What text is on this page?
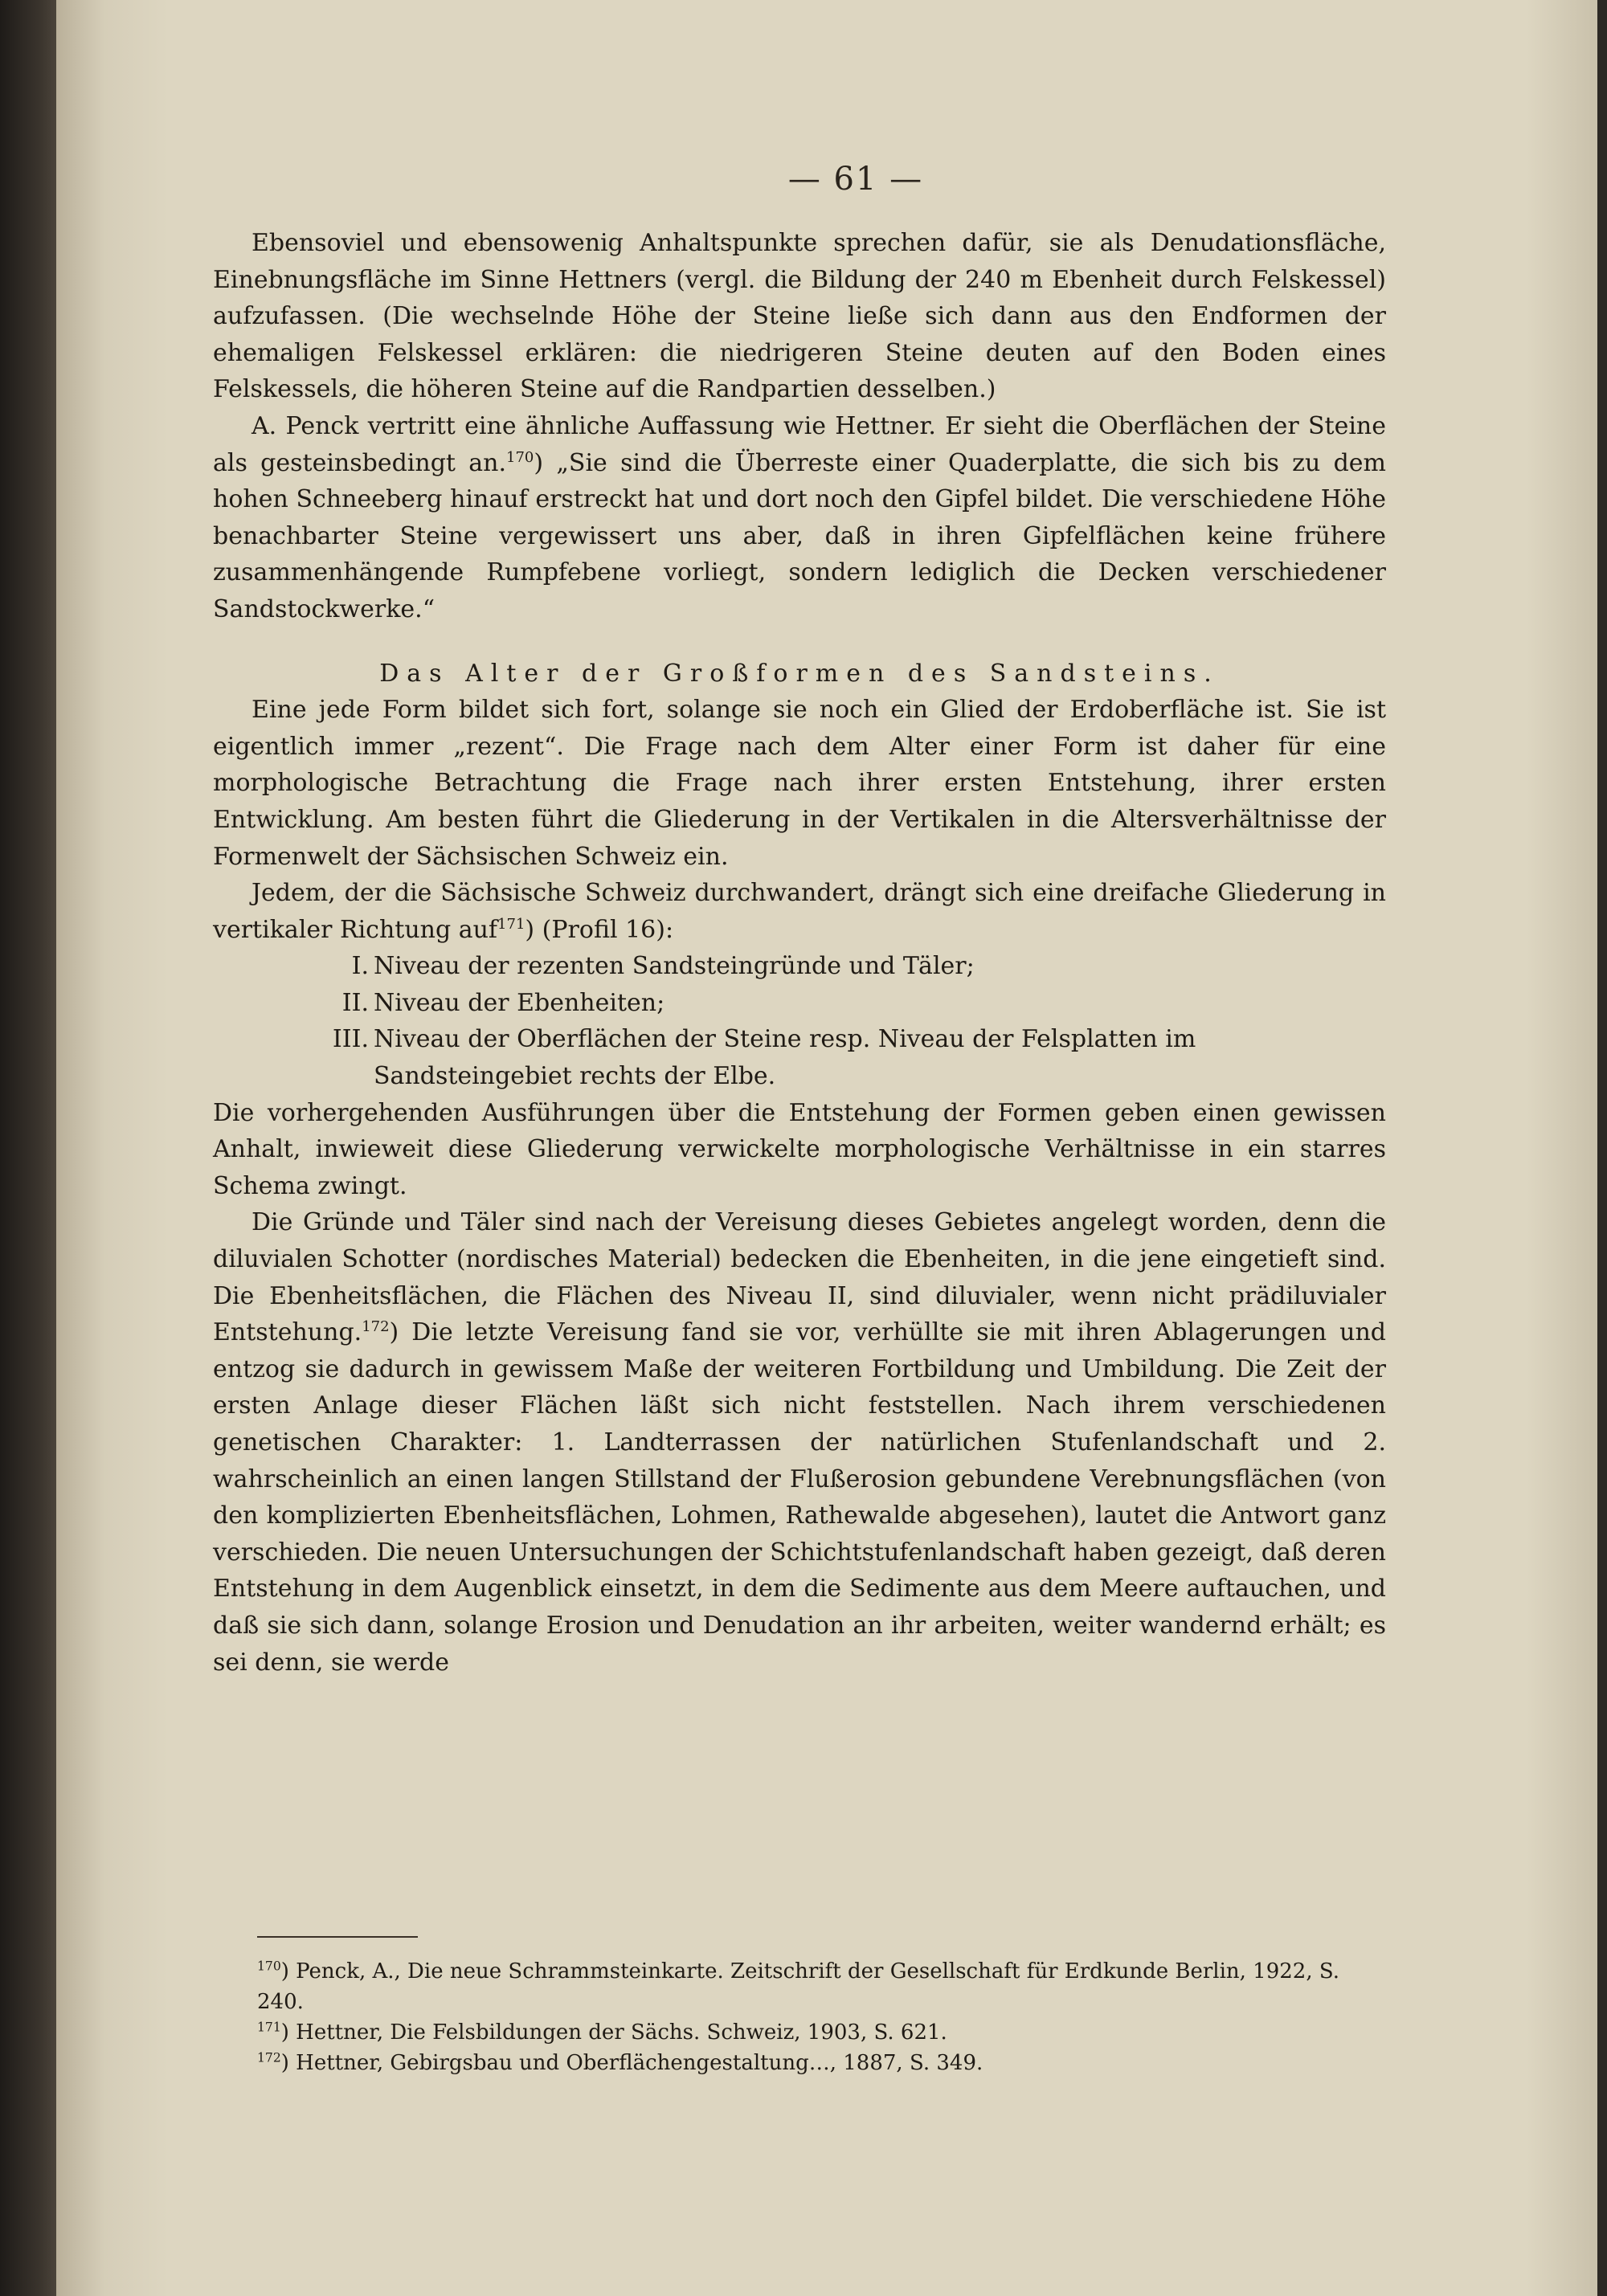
— 61 —

Ebensoviel und ebensowenig Anhaltspunkte sprechen dafür, sie als Denudationsfläche, Einebnungsfläche im Sinne Hettners (vergl. die Bildung der 240 m Ebenheit durch Felskessel) aufzufassen. (Die wechselnde Höhe der Steine ließe sich dann aus den Endformen der ehemaligen Felskessel erklären: die niedrigeren Steine deuten auf den Boden eines Felskessels, die höheren Steine auf die Randpartien desselben.)

A. Penck vertritt eine ähnliche Auffassung wie Hettner. Er sieht die Oberflächen der Steine als gesteinsbedingt an.$^{170}$) „Sie sind die Überreste einer Quaderplatte, die sich bis zu dem hohen Schneeberg hinauf erstreckt hat und dort noch den Gipfel bildet. Die verschiedene Höhe benachbarter Steine vergewissert uns aber, daß in ihren Gipfelflächen keine frühere zusammenhängende Rumpfebene vorliegt, sondern lediglich die Decken verschiedener Sandstockwerke.“

Das Alter der Großformen des Sandsteins.

Eine jede Form bildet sich fort, solange sie noch ein Glied der Erdoberfläche ist. Sie ist eigentlich immer „rezent“. Die Frage nach dem Alter einer Form ist daher für eine morphologische Betrachtung die Frage nach ihrer ersten Entstehung, ihrer ersten Entwicklung. Am besten führt die Gliederung in der Vertikalen in die Altersverhältnisse der Formenwelt der Sächsischen Schweiz ein.

Jedem, der die Sächsische Schweiz durchwandert, drängt sich eine dreifache Gliederung in vertikaler Richtung auf$^{171}$) (Profil 16):

I. Niveau der rezenten Sandsteingründe und Täler;
II. Niveau der Ebenheiten;
III. Niveau der Oberflächen der Steine resp. Niveau der Felsplatten im Sandsteingebiet rechts der Elbe.

Die vorhergehenden Ausführungen über die Entstehung der Formen geben einen gewissen Anhalt, inwieweit diese Gliederung verwickelte morphologische Verhältnisse in ein starres Schema zwingt.

Die Gründe und Täler sind nach der Vereisung dieses Gebietes angelegt worden, denn die diluvialen Schotter (nordisches Material) bedecken die Ebenheiten, in die jene eingetieft sind. Die Ebenheitsflächen, die Flächen des Niveau II, sind diluvialer, wenn nicht prädiluvialer Entstehung.$^{172}$) Die letzte Vereisung fand sie vor, verhüllte sie mit ihren Ablagerungen und entzog sie dadurch in gewissem Maße der weiteren Fortbildung und Umbildung. Die Zeit der ersten Anlage dieser Flächen läßt sich nicht feststellen. Nach ihrem verschiedenen genetischen Charakter: 1. Landterrassen der natürlichen Stufenlandschaft und 2. wahrscheinlich an einen langen Stillstand der Flußerosion gebundene Verebnungsflächen (von den komplizierten Ebenheitsflächen, Lohmen, Rathewalde abgesehen), lautet die Antwort ganz verschieden. Die neuen Untersuchungen der Schichtstufenlandschaft haben gezeigt, daß deren Entstehung in dem Augenblick einsetzt, in dem die Sedimente aus dem Meere auftauchen, und daß sie sich dann, solange Erosion und Denudation an ihr arbeiten, weiter wandernd erhält; es sei denn, sie werde

$^{170}$) Penck, A., Die neue Schrammsteinkarte. Zeitschrift der Gesellschaft für Erdkunde Berlin, 1922, S. 240.

$^{171}$) Hettner, Die Felsbildungen der Sächs. Schweiz, 1903, S. 621.

$^{172}$) Hettner, Gebirgsbau und Oberflächengestaltung…, 1887, S. 349.
